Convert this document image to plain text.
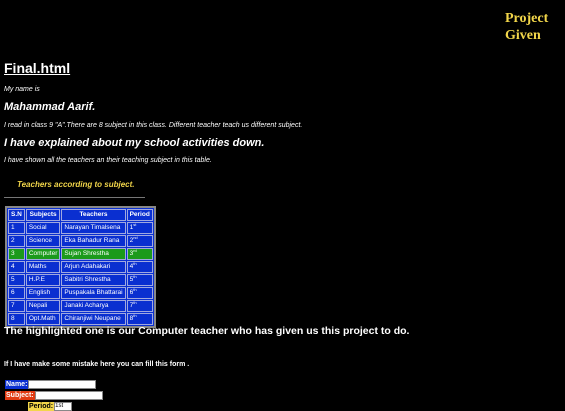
Project
Given
Final.html

My name is

Mahammad Aarif.

I read in class 9 "A".There are 8 subject in this class. Different teacher teach us different subject.

I have explained about my school activities down.

I have shown all the teachers an their teaching subject in this table.

Teachers according to subject.
S.N	Subjects	Teachers	Period
1	Social	Narayan Timalsena	1st
2	Science	Eka Bahadur Rana	2nd
3	Computer	Sujan Shrestha	3rd
4	Maths	Arjun Adahakari	4th
5	H.P.E	Sabitri Shrestha	5th
6	English	Puspakala Bhattarai	6th
7	Nepali	Janaki Acharya	7th
8	Opt.Math	Chiranjiwi Neupane	8th

The highlighted one is our Computer teacher who has given us this project to do.

If I have make some mistake here you can fill this form .

Name:
Subject:
Period:
1st
